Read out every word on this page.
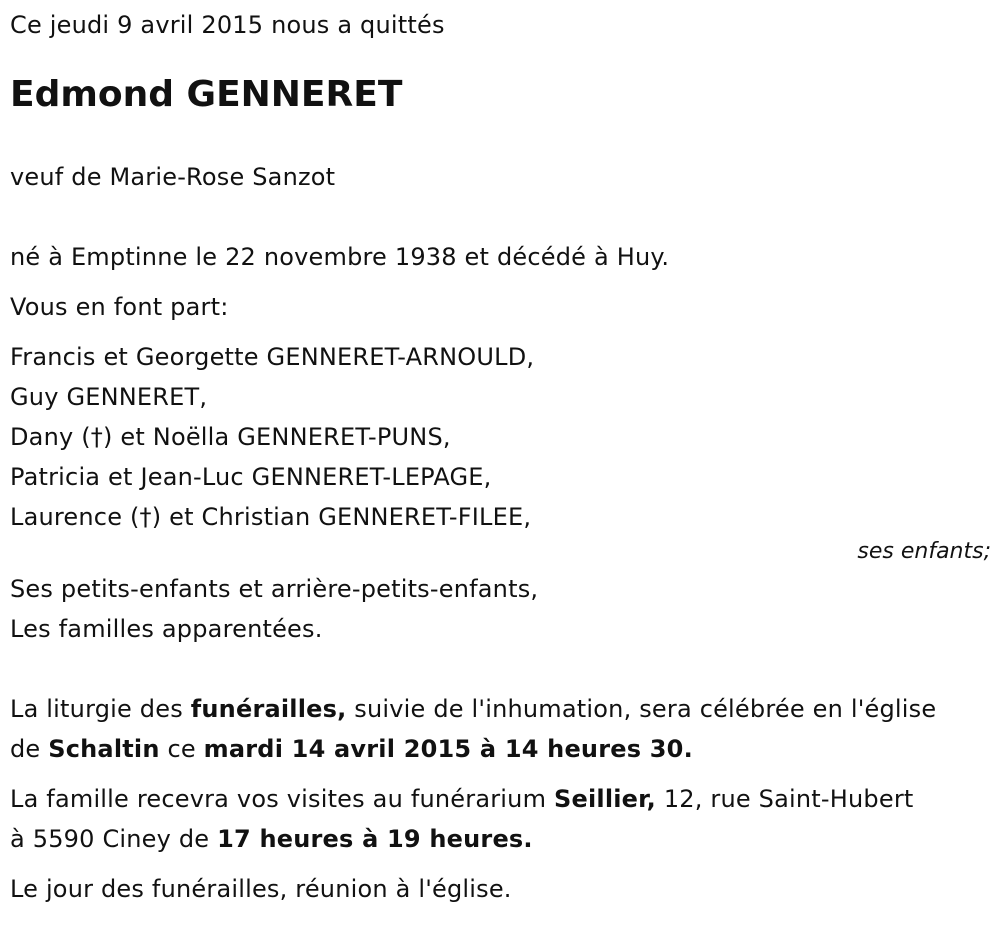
Ce jeudi 9 avril 2015 nous a quittés
Edmond GENNERET
veuf de Marie-Rose Sanzot
né à Emptinne le 22 novembre 1938 et décédé à Huy.
Vous en font part:
Francis et Georgette GENNERET-ARNOULD,
Guy GENNERET,
Dany (†) et Noëlla GENNERET-PUNS,
Patricia et Jean-Luc GENNERET-LEPAGE,
Laurence (†) et Christian GENNERET-FILEE,
ses enfants;
Ses petits-enfants et arrière-petits-enfants,
Les familles apparentées.
La liturgie des funérailles, suivie de l'inhumation, sera célébrée en l'église
de Schaltin ce mardi 14 avril 2015 à 14 heures 30.
La famille recevra vos visites au funérarium Seillier, 12, rue Saint-Hubert
à 5590 Ciney de 17 heures à 19 heures.
Le jour des funérailles, réunion à l'église.
